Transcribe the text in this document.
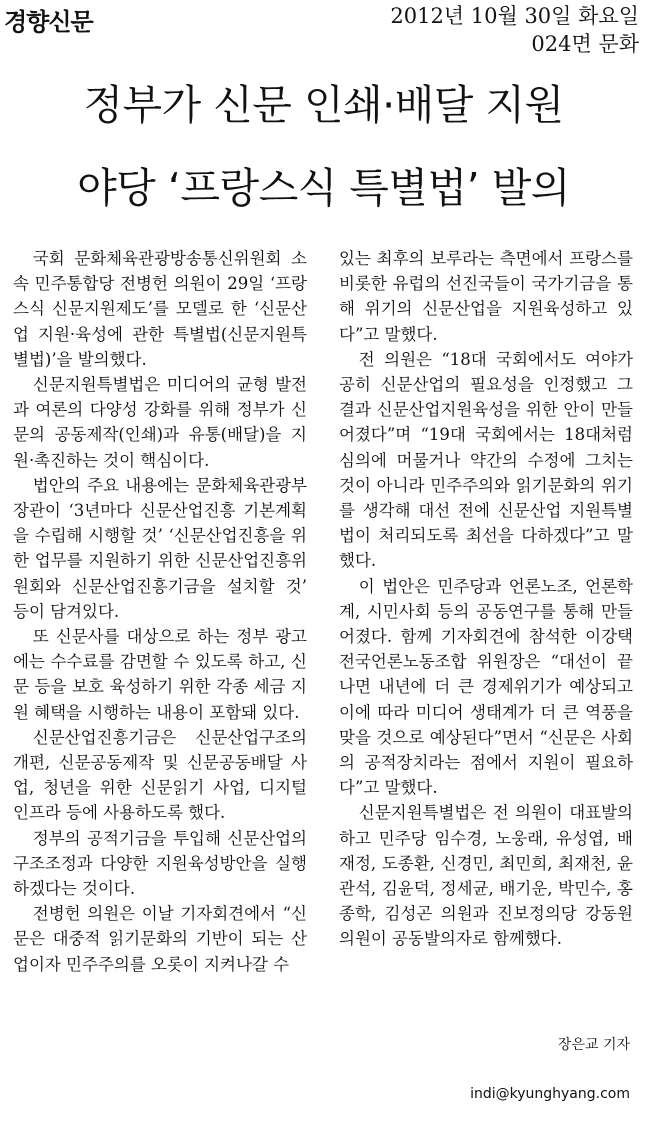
경향신문	2012년 10월 30일 화요일
024면 문화
정부가 신문 인쇄·배달 지원
야당 ‘프랑스식 특별법’ 발의

국회 문화체육관광방송통신위원회 소속 민주통합당 전병헌 의원이 29일 ‘프랑스식 신문지원제도’를 모델로 한 ‘신문산업 지원·육성에 관한 특별법(신문지원특별법)’을 발의했다.

신문지원특별법은 미디어의 균형 발전과 여론의 다양성 강화를 위해 정부가 신문의 공동제작(인쇄)과 유통(배달)을 지원·촉진하는 것이 핵심이다.

법안의 주요 내용에는 문화체육관광부 장관이 ‘3년마다 신문산업진흥 기본계획을 수립해 시행할 것’ ‘신문산업진흥을 위한 업무를 지원하기 위한 신문산업진흥위원회와 신문산업진흥기금을 설치할 것’ 등이 담겨있다.

또 신문사를 대상으로 하는 정부 광고에는 수수료를 감면할 수 있도록 하고, 신문 등을 보호 육성하기 위한 각종 세금 지원 혜택을 시행하는 내용이 포함돼 있다.

신문산업진흥기금은 신문산업구조의 개편, 신문공동제작 및 신문공동배달 사업, 청년을 위한 신문읽기 사업, 디지털 인프라 등에 사용하도록 했다.

정부의 공적기금을 투입해 신문산업의 구조조정과 다양한 지원육성방안을 실행하겠다는 것이다.

전병헌 의원은 이날 기자회견에서 “신문은 대중적 읽기문화의 기반이 되는 산업이자 민주주의를 오롯이 지켜나갈 수

있는 최후의 보루라는 측면에서 프랑스를 비롯한 유럽의 선진국들이 국가기금을 통해 위기의 신문산업을 지원육성하고 있다”고 말했다.

전 의원은 “18대 국회에서도 여야가 공히 신문산업의 필요성을 인정했고 그 결과 신문산업지원육성을 위한 안이 만들어졌다”며 “19대 국회에서는 18대처럼 심의에 머물거나 약간의 수정에 그치는 것이 아니라 민주주의와 읽기문화의 위기를 생각해 대선 전에 신문산업 지원특별법이 처리되도록 최선을 다하겠다”고 말했다.

이 법안은 민주당과 언론노조, 언론학계, 시민사회 등의 공동연구를 통해 만들어졌다. 함께 기자회견에 참석한 이강택 전국언론노동조합 위원장은 “대선이 끝나면 내년에 더 큰 경제위기가 예상되고 이에 따라 미디어 생태계가 더 큰 역풍을 맞을 것으로 예상된다”면서 “신문은 사회의 공적장치라는 점에서 지원이 필요하다”고 말했다.

신문지원특별법은 전 의원이 대표발의하고 민주당 임수경, 노웅래, 유성엽, 배재정, 도종환, 신경민, 최민희, 최재천, 윤관석, 김윤덕, 정세균, 배기운, 박민수, 홍종학, 김성곤 의원과 진보정의당 강동원 의원이 공동발의자로 함께했다.

장은교 기자
indi@kyunghyang.com
